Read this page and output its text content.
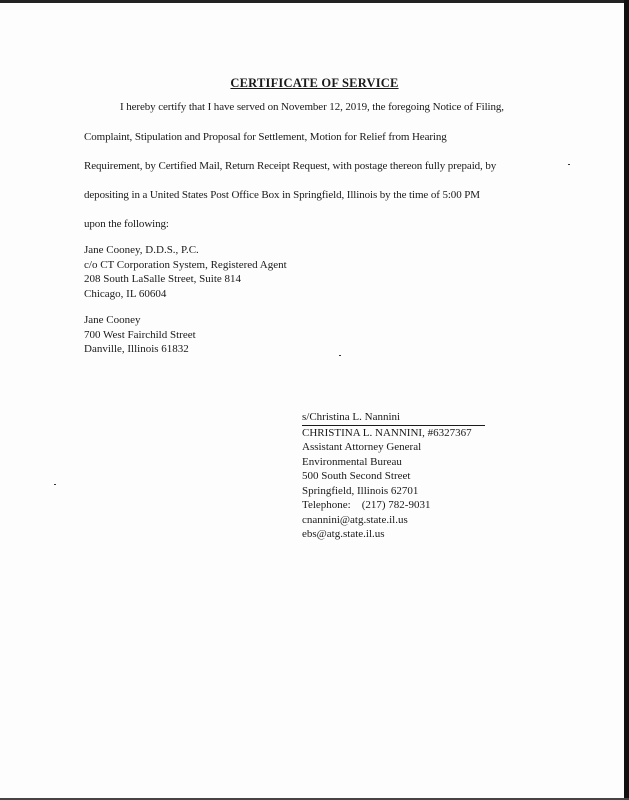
CERTIFICATE OF SERVICE
I hereby certify that I have served on November 12, 2019, the foregoing Notice of Filing,
Complaint, Stipulation and Proposal for Settlement, Motion for Relief from Hearing
Requirement, by Certified Mail, Return Receipt Request, with postage thereon fully prepaid, by
depositing in a United States Post Office Box in Springfield, Illinois by the time of 5:00 PM
upon the following:
Jane Cooney, D.D.S., P.C.
c/o CT Corporation System, Registered Agent
208 South LaSalle Street, Suite 814
Chicago, IL 60604
Jane Cooney
700 West Fairchild Street
Danville, Illinois 61832
s/Christina L. Nannini
CHRISTINA L. NANNINI, #6327367
Assistant Attorney General
Environmental Bureau
500 South Second Street
Springfield, Illinois 62701
Telephone:    (217) 782-9031
cnannini@atg.state.il.us
ebs@atg.state.il.us
